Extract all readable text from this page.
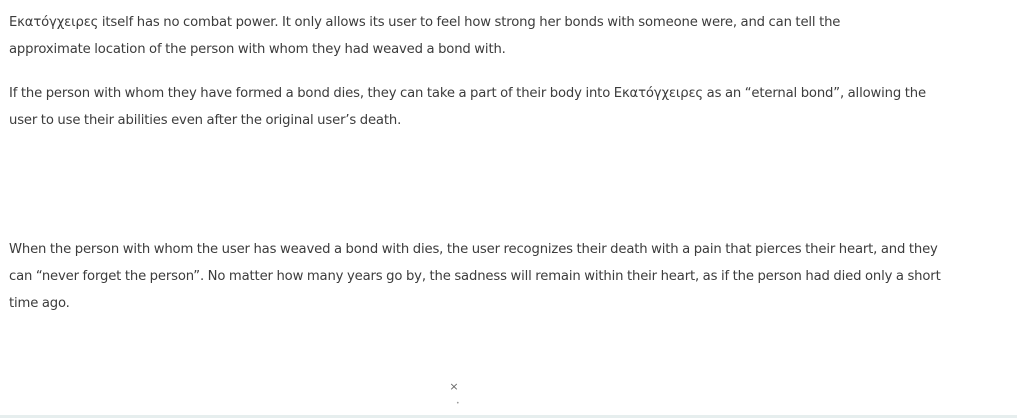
Εκατόγχειρες itself has no combat power. It only allows its user to feel how strong her bonds with someone were, and can tell the approximate location of the person with whom they had weaved a bond with.

If the person with whom they have formed a bond dies, they can take a part of their body into Εκατόγχειρες as an “eternal bond”, allowing the user to use their abilities even after the original user’s death.

When the person with whom the user has weaved a bond with dies, the user recognizes their death with a pain that pierces their heart, and they can “never forget the person”. No matter how many years go by, the sadness will remain within their heart, as if the person had died only a short time ago.

×
•
